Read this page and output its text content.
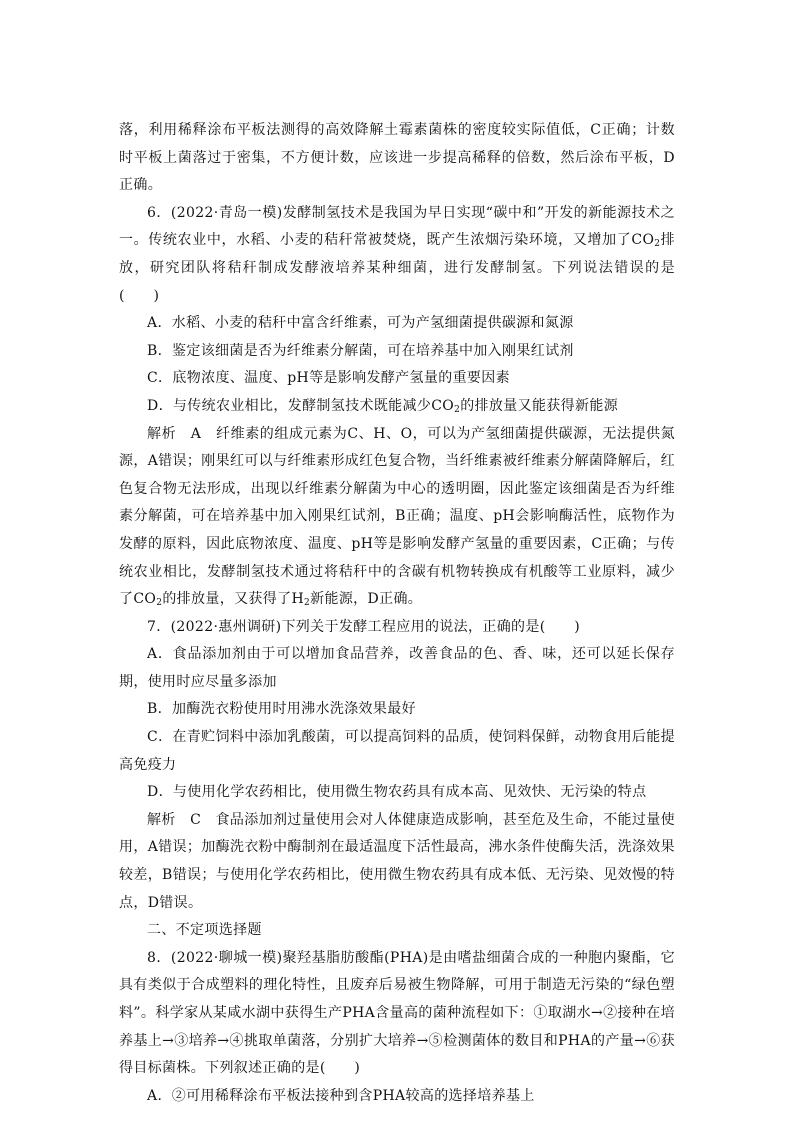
落，利用稀释涂布平板法测得的高效降解土霉素菌株的密度较实际值低，C正确；计数时平板上菌落过于密集，不方便计数，应该进一步提高稀释的倍数，然后涂布平板，D正确。

6．(2022·青岛一模)发酵制氢技术是我国为早日实现“碳中和”开发的新能源技术之一。传统农业中，水稻、小麦的秸秆常被焚烧，既产生浓烟污染环境，又增加了$CO_2$排放，研究团队将秸秆制成发酵液培养某种细菌，进行发酵制氢。下列说法错误的是(　　)

A．水稻、小麦的秸秆中富含纤维素，可为产氢细菌提供碳源和氮源

B．鉴定该细菌是否为纤维素分解菌，可在培养基中加入刚果红试剂

C．底物浓度、温度、pH等是影响发酵产氢量的重要因素

D．与传统农业相比，发酵制氢技术既能减少$CO_2$的排放量又能获得新能源

解析　A　纤维素的组成元素为C、H、O，可以为产氢细菌提供碳源，无法提供氮源，A错误；刚果红可以与纤维素形成红色复合物，当纤维素被纤维素分解菌降解后，红色复合物无法形成，出现以纤维素分解菌为中心的透明圈，因此鉴定该细菌是否为纤维素分解菌，可在培养基中加入刚果红试剂，B正确；温度、pH会影响酶活性，底物作为发酵的原料，因此底物浓度、温度、pH等是影响发酵产氢量的重要因素，C正确；与传统农业相比，发酵制氢技术通过将秸秆中的含碳有机物转换成有机酸等工业原料，减少了$CO_2$的排放量，又获得了$H_2$新能源，D正确。

7．(2022·惠州调研)下列关于发酵工程应用的说法，正确的是(　　)

A．食品添加剂由于可以增加食品营养，改善食品的色、香、味，还可以延长保存期，使用时应尽量多添加

B．加酶洗衣粉使用时用沸水洗涤效果最好

C．在青贮饲料中添加乳酸菌，可以提高饲料的品质，使饲料保鲜，动物食用后能提高免疫力

D．与使用化学农药相比，使用微生物农药具有成本高、见效快、无污染的特点

解析　C　食品添加剂过量使用会对人体健康造成影响，甚至危及生命，不能过量使用，A错误；加酶洗衣粉中酶制剂在最适温度下活性最高，沸水条件使酶失活，洗涤效果较差，B错误；与使用化学农药相比，使用微生物农药具有成本低、无污染、见效慢的特点，D错误。

二、不定项选择题

8．(2022·聊城一模)聚羟基脂肪酸酯(PHA)是由嗜盐细菌合成的一种胞内聚酯，它具有类似于合成塑料的理化特性，且废弃后易被生物降解，可用于制造无污染的“绿色塑料”。科学家从某咸水湖中获得生产PHA含量高的菌种流程如下：①取湖水→②接种在培养基上→③培养→④挑取单菌落，分别扩大培养→⑤检测菌体的数目和PHA的产量→⑥获得目标菌株。下列叙述正确的是(　　)

A．②可用稀释涂布平板法接种到含PHA较高的选择培养基上
